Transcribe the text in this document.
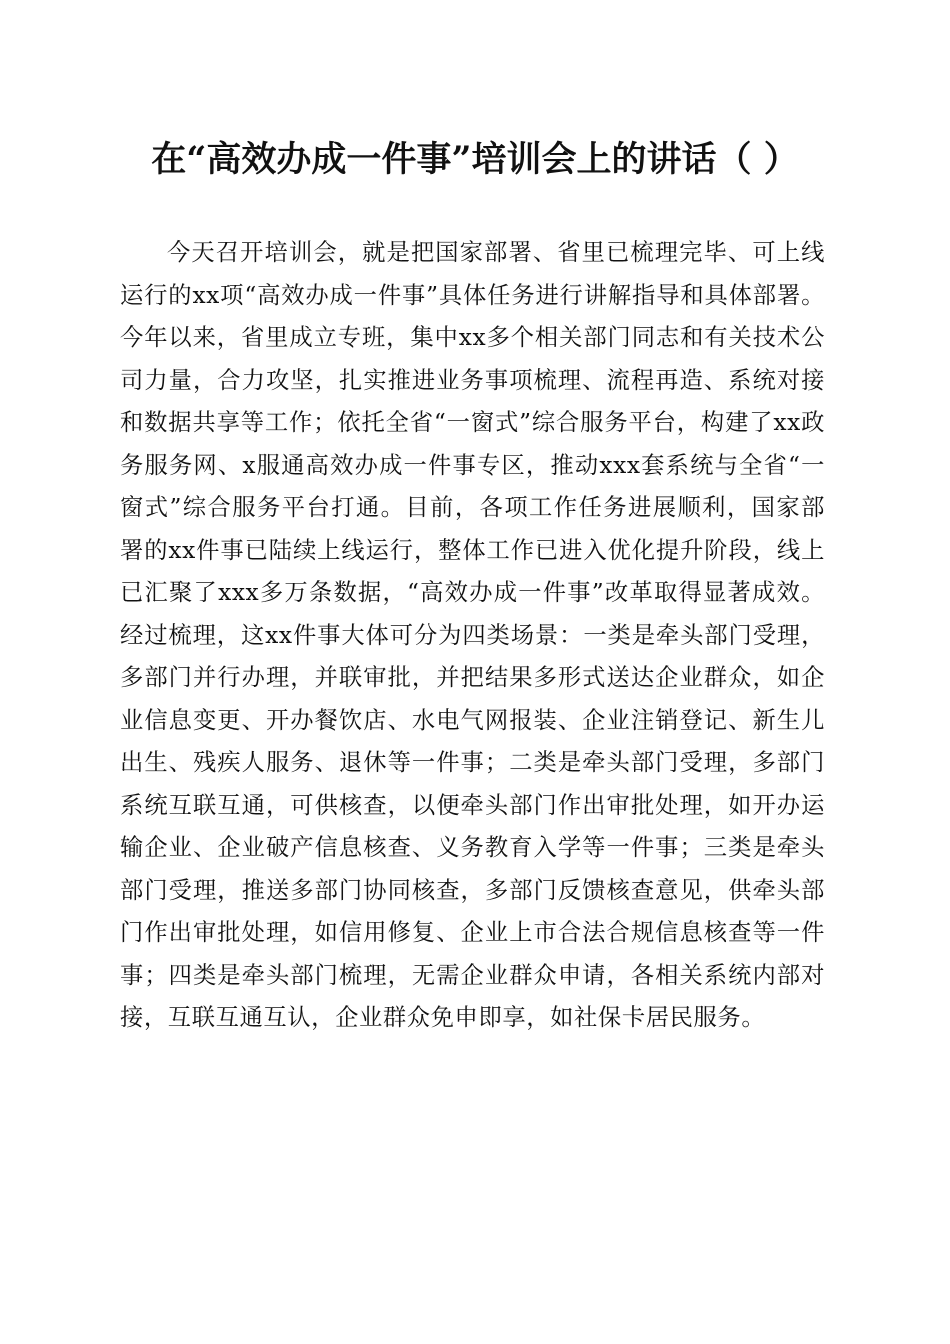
在“高效办成一件事”培训会上的讲话（ ）

今天召开培训会，就是把国家部署、省里已梳理完毕、可上线运行的xx项“高效办成一件事”具体任务进行讲解指导和具体部署。今年以来，省里成立专班，集中xx多个相关部门同志和有关技术公司力量，合力攻坚，扎实推进业务事项梳理、流程再造、系统对接和数据共享等工作；依托全省“一窗式”综合服务平台，构建了xx政务服务网、x服通高效办成一件事专区，推动xxx套系统与全省“一窗式”综合服务平台打通。目前，各项工作任务进展顺利，国家部署的xx件事已陆续上线运行，整体工作已进入优化提升阶段，线上已汇聚了xxx多万条数据，“高效办成一件事”改革取得显著成效。经过梳理，这xx件事大体可分为四类场景：一类是牵头部门受理，多部门并行办理，并联审批，并把结果多形式送达企业群众，如企业信息变更、开办餐饮店、水电气网报装、企业注销登记、新生儿出生、残疾人服务、退休等一件事；二类是牵头部门受理，多部门系统互联互通，可供核查，以便牵头部门作出审批处理，如开办运输企业、企业破产信息核查、义务教育入学等一件事；三类是牵头部门受理，推送多部门协同核查，多部门反馈核查意见，供牵头部门作出审批处理，如信用修复、企业上市合法合规信息核查等一件事；四类是牵头部门梳理，无需企业群众申请，各相关系统内部对接，互联互通互认，企业群众免申即享，如社保卡居民服务。
